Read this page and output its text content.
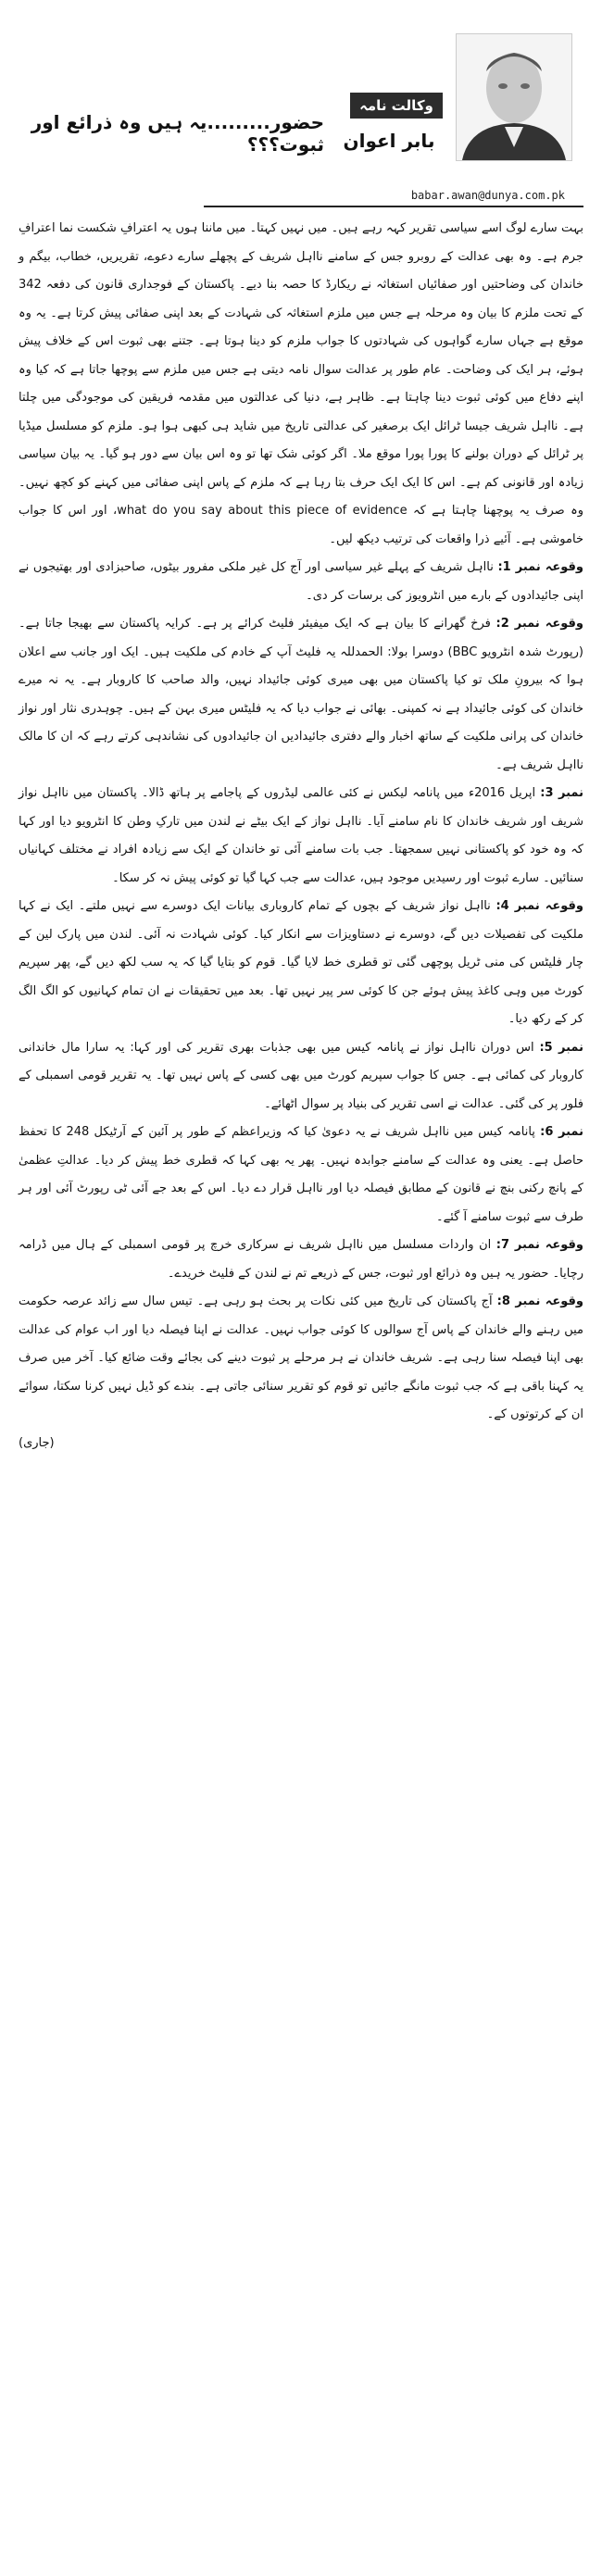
وکالت نامہ
بابر اعوان
حضور.........یہ ہیں وہ ذرائع اور ثبوت؟؟؟
babar.awan@dunya.com.pk

بہت سارے لوگ اسے سیاسی تقریر کہہ رہے ہیں۔ میں نہیں کہتا۔ میں ماننا ہوں یہ اعترافِ شکست نما اعترافِ جرم ہے۔ وہ بھی عدالت کے روبرو جس کے سامنے نااہل شریف کے پچھلے سارے دعوے، تقریریں، خطاب، بیگم و خاندان کی وضاحتیں اور صفائیاں استغاثہ نے ریکارڈ کا حصہ بنا دیے۔ پاکستان کے فوجداری قانون کی دفعہ 342 کے تحت ملزم کا بیان وہ مرحلہ ہے جس میں ملزم استغاثہ کی شہادت کے بعد اپنی صفائی پیش کرتا ہے۔ یہ وہ موقع ہے جہاں سارے گواہوں کی شہادتوں کا جواب ملزم کو دینا ہوتا ہے۔ جتنے بھی ثبوت اس کے خلاف پیش ہوئے، ہر ایک کی وضاحت۔ عام طور پر عدالت سوال نامہ دیتی ہے جس میں ملزم سے پوچھا جاتا ہے کہ کیا وہ اپنے دفاع میں کوئی ثبوت دینا چاہتا ہے۔ ظاہر ہے، دنیا کی عدالتوں میں مقدمہ فریقین کی موجودگی میں چلتا ہے۔ نااہل شریف جیسا ٹرائل ایک برصغیر کی عدالتی تاریخ میں شاید ہی کبھی ہوا ہو۔ ملزم کو مسلسل میڈیا پر ٹرائل کے دوران بولنے کا پورا پورا موقع ملا۔ اگر کوئی شک تھا تو وہ اس بیان سے دور ہو گیا۔ یہ بیان سیاسی زیادہ اور قانونی کم ہے۔ اس کا ایک ایک حرف بتا رہا ہے کہ ملزم کے پاس اپنی صفائی میں کہنے کو کچھ نہیں۔ وہ صرف یہ پوچھنا چاہتا ہے کہ what do you say about this piece of evidence، اور اس کا جواب خاموشی ہے۔ آئیے ذرا واقعات کی ترتیب دیکھ لیں۔

وقوعہ نمبر 1: نااہل شریف کے پہلے غیر سیاسی اور آج کل غیر ملکی مفرور بیٹوں، صاحبزادی اور بھتیجوں نے اپنی جائیدادوں کے بارے میں انٹرویوز کی برسات کر دی۔

وقوعہ نمبر 2: فرخ گھرانے کا بیان ہے کہ ایک میفیئر فلیٹ کرائے پر ہے۔ کرایہ پاکستان سے بھیجا جاتا ہے۔ (رپورٹ شدہ انٹرویو BBC) دوسرا بولا: الحمدللہ یہ فلیٹ آپ کے خادم کی ملکیت ہیں۔ ایک اور جانب سے اعلان ہوا کہ بیرونِ ملک تو کیا پاکستان میں بھی میری کوئی جائیداد نہیں، والد صاحب کا کاروبار ہے۔ یہ نہ میرے خاندان کی کوئی جائیداد ہے نہ کمپنی۔ بھائی نے جواب دیا کہ یہ فلیٹس میری بہن کے ہیں۔ چوہدری نثار اور نواز خاندان کی پرانی ملکیت کے ساتھ اخبار والے دفتری جائیدادیں ان جائیدادوں کی نشاندہی کرتے رہے کہ ان کا مالک نااہل شریف ہے۔

نمبر 3: اپریل 2016ء میں پانامہ لیکس نے کئی عالمی لیڈروں کے پاجامے پر ہاتھ ڈالا۔ پاکستان میں نااہل نواز شریف اور شریف خاندان کا نام سامنے آیا۔ نااہل نواز کے ایک بیٹے نے لندن میں تارکِ وطن کا انٹرویو دیا اور کہا کہ وہ خود کو پاکستانی نہیں سمجھتا۔ جب بات سامنے آئی تو خاندان کے ایک سے زیادہ افراد نے مختلف کہانیاں سنائیں۔ سارے ثبوت اور رسیدیں موجود ہیں، عدالت سے جب کہا گیا تو کوئی پیش نہ کر سکا۔

وقوعہ نمبر 4: نااہل نواز شریف کے بچوں کے تمام کاروباری بیانات ایک دوسرے سے نہیں ملتے۔ ایک نے کہا ملکیت کی تفصیلات دیں گے، دوسرے نے دستاویزات سے انکار کیا۔ کوئی شہادت نہ آئی۔ لندن میں پارک لین کے چار فلیٹس کی منی ٹریل پوچھی گئی تو قطری خط لایا گیا۔ قوم کو بتایا گیا کہ یہ سب لکھ دیں گے، پھر سپریم کورٹ میں وہی کاغذ پیش ہوئے جن کا کوئی سر پیر نہیں تھا۔ بعد میں تحقیقات نے ان تمام کہانیوں کو الگ الگ کر کے رکھ دیا۔

نمبر 5: اس دوران نااہل نواز نے پانامہ کیس میں بھی جذبات بھری تقریر کی اور کہا: یہ سارا مال خاندانی کاروبار کی کمائی ہے۔ جس کا جواب سپریم کورٹ میں بھی کسی کے پاس نہیں تھا۔ یہ تقریر قومی اسمبلی کے فلور پر کی گئی۔ عدالت نے اسی تقریر کی بنیاد پر سوال اٹھائے۔

نمبر 6: پانامہ کیس میں نااہل شریف نے یہ دعویٰ کیا کہ وزیراعظم کے طور پر آئین کے آرٹیکل 248 کا تحفظ حاصل ہے۔ یعنی وہ عدالت کے سامنے جوابدہ نہیں۔ پھر یہ بھی کہا کہ قطری خط پیش کر دیا۔ عدالتِ عظمیٰ کے پانچ رکنی بنچ نے قانون کے مطابق فیصلہ دیا اور نااہل قرار دے دیا۔ اس کے بعد جے آئی ٹی رپورٹ آئی اور ہر طرف سے ثبوت سامنے آ گئے۔

وقوعہ نمبر 7: ان واردات مسلسل میں نااہل شریف نے سرکاری خرچ پر قومی اسمبلی کے ہال میں ڈرامہ رچایا۔ حضور یہ ہیں وہ ذرائع اور ثبوت، جس کے ذریعے تم نے لندن کے فلیٹ خریدے۔

وقوعہ نمبر 8: آج پاکستان کی تاریخ میں کئی نکات پر بحث ہو رہی ہے۔ تیس سال سے زائد عرصہ حکومت میں رہنے والے خاندان کے پاس آج سوالوں کا کوئی جواب نہیں۔ عدالت نے اپنا فیصلہ دیا اور اب عوام کی عدالت بھی اپنا فیصلہ سنا رہی ہے۔ شریف خاندان نے ہر مرحلے پر ثبوت دینے کی بجائے وقت ضائع کیا۔ آخر میں صرف یہ کہنا باقی ہے کہ جب ثبوت مانگے جائیں تو قوم کو تقریر سنائی جاتی ہے۔ بندے کو ڈیل نہیں کرنا سکتا، سوائے ان کے کرتوتوں کے۔

(جاری)
